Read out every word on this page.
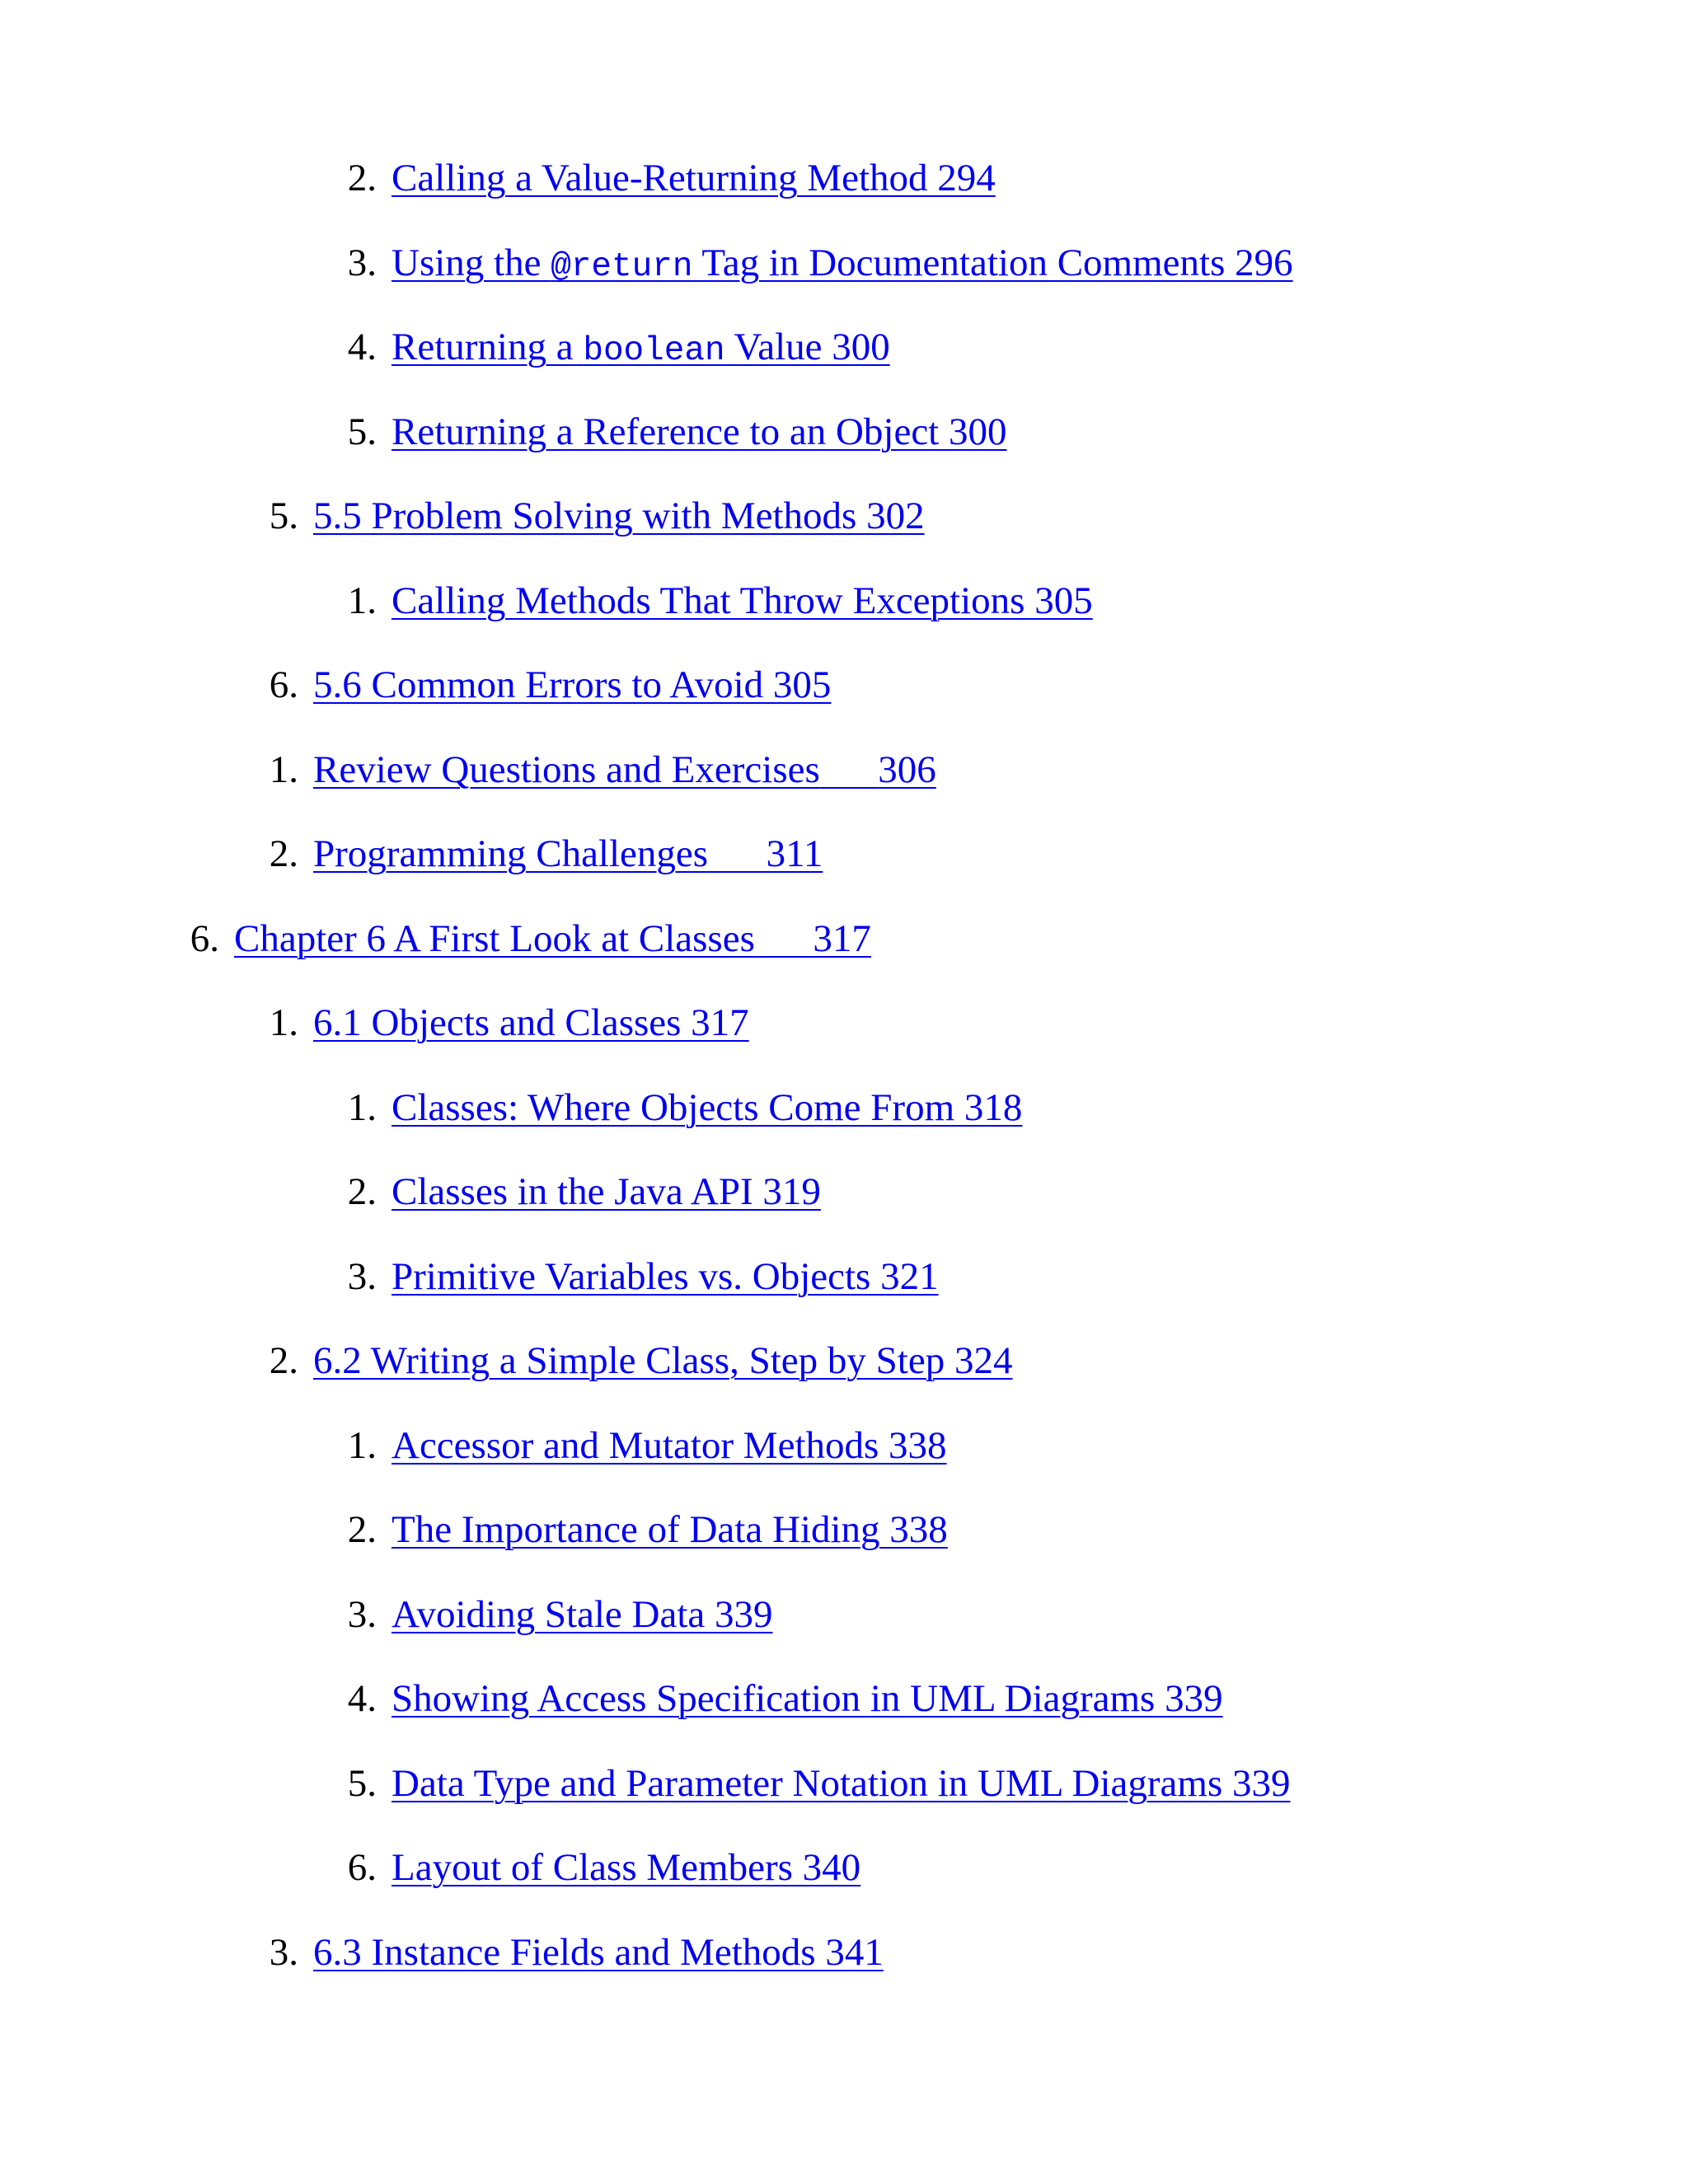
2. Calling a Value-Returning Method 294
3. Using the @return Tag in Documentation Comments 296
4. Returning a boolean Value 300
5. Returning a Reference to an Object 300
5. 5.5 Problem Solving with Methods 302
1. Calling Methods That Throw Exceptions 305
6. 5.6 Common Errors to Avoid 305
1. Review Questions and Exercises 306
2. Programming Challenges 311
6. Chapter 6 A First Look at Classes 317
1. 6.1 Objects and Classes 317
1. Classes: Where Objects Come From 318
2. Classes in the Java API 319
3. Primitive Variables vs. Objects 321
2. 6.2 Writing a Simple Class, Step by Step 324
1. Accessor and Mutator Methods 338
2. The Importance of Data Hiding 338
3. Avoiding Stale Data 339
4. Showing Access Specification in UML Diagrams 339
5. Data Type and Parameter Notation in UML Diagrams 339
6. Layout of Class Members 340
3. 6.3 Instance Fields and Methods 341
